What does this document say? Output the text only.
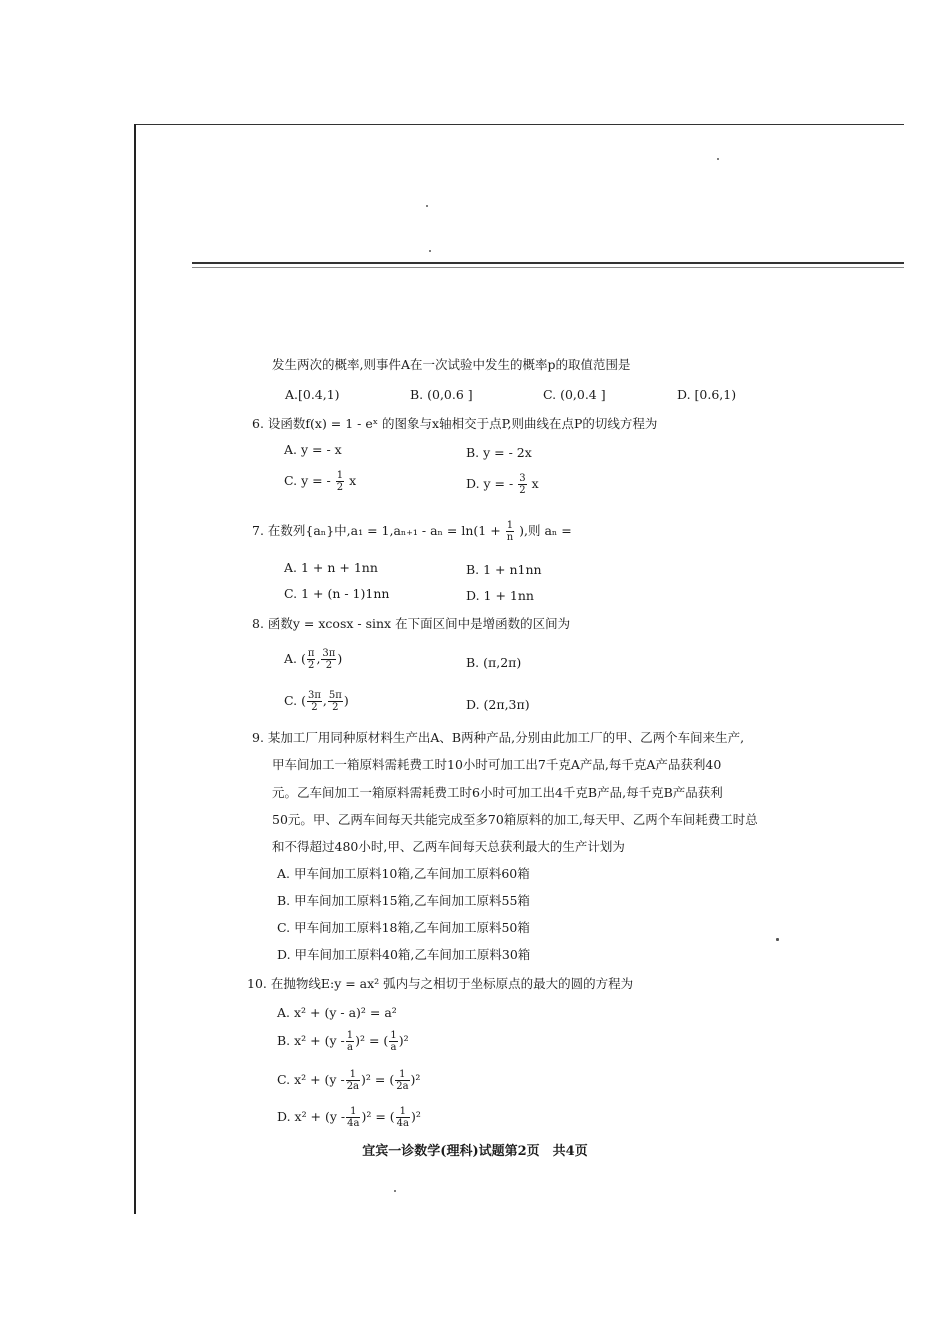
发生两次的概率,则事件A在一次试验中发生的概率p的取值范围是
A.[0.4,1)	B. (0,0.6 ]	C. (0,0.4 ]	D. [0.6,1)
6. 设函数f(x) = 1 - eˣ 的图象与x轴相交于点P,则曲线在点P的切线方程为
A. y = - x	B. y = - 2x
C. y = - $\frac{1}{2}$ x	D. y = - $\frac{3}{2}$ x
7. 在数列{aₙ}中$,a_1 = 1,a_{n+1} - a_n = \ln(1 + \frac{1}{n}$ ),则 aₙ =
A. 1 + n + 1nn	B. 1 + n1nn
C. 1 + (n - 1)1nn	D. 1 + 1nn
8. 函数y = xcosx - sinx 在下面区间中是增函数的区间为
A. ( $\frac{\pi}{2}$ , $\frac{3\pi}{2}$ )	B. (π,2π)
C. ( $\frac{3\pi}{2}$ , $\frac{5\pi}{2}$ )	D. (2π,3π)
9. 某加工厂用同种原材料生产出A、B两种产品,分别由此加工厂的甲、乙两个车间来生产,
甲车间加工一箱原料需耗费工时10小时可加工出7千克A产品,每千克A产品获利40
元。乙车间加工一箱原料需耗费工时6小时可加工出4千克B产品,每千克B产品获利
50元。甲、乙两车间每天共能完成至多70箱原料的加工,每天甲、乙两个车间耗费工时总
和不得超过480小时,甲、乙两车间每天总获利最大的生产计划为
A. 甲车间加工原料10箱,乙车间加工原料60箱
B. 甲车间加工原料15箱,乙车间加工原料55箱
C. 甲车间加工原料18箱,乙车间加工原料50箱
D. 甲车间加工原料40箱,乙车间加工原料30箱
10. 在抛物线E:y = ax² 弧内与之相切于坐标原点的最大的圆的方程为
A. x² + (y - a)² = a²
B. $x^2 + (y - \frac{1}{a} )^2$ = ( $\frac{1}{a} )^2$
C. $x^2 + (y - \frac{1}{2a} )^2$ = ( $\frac{1}{2a} )^2$
D. $x^2 + (y - \frac{1}{4a} )^2$ = ( $\frac{1}{4a} )^2$
宜宾一诊数学(理科)试题第2页　共4页
